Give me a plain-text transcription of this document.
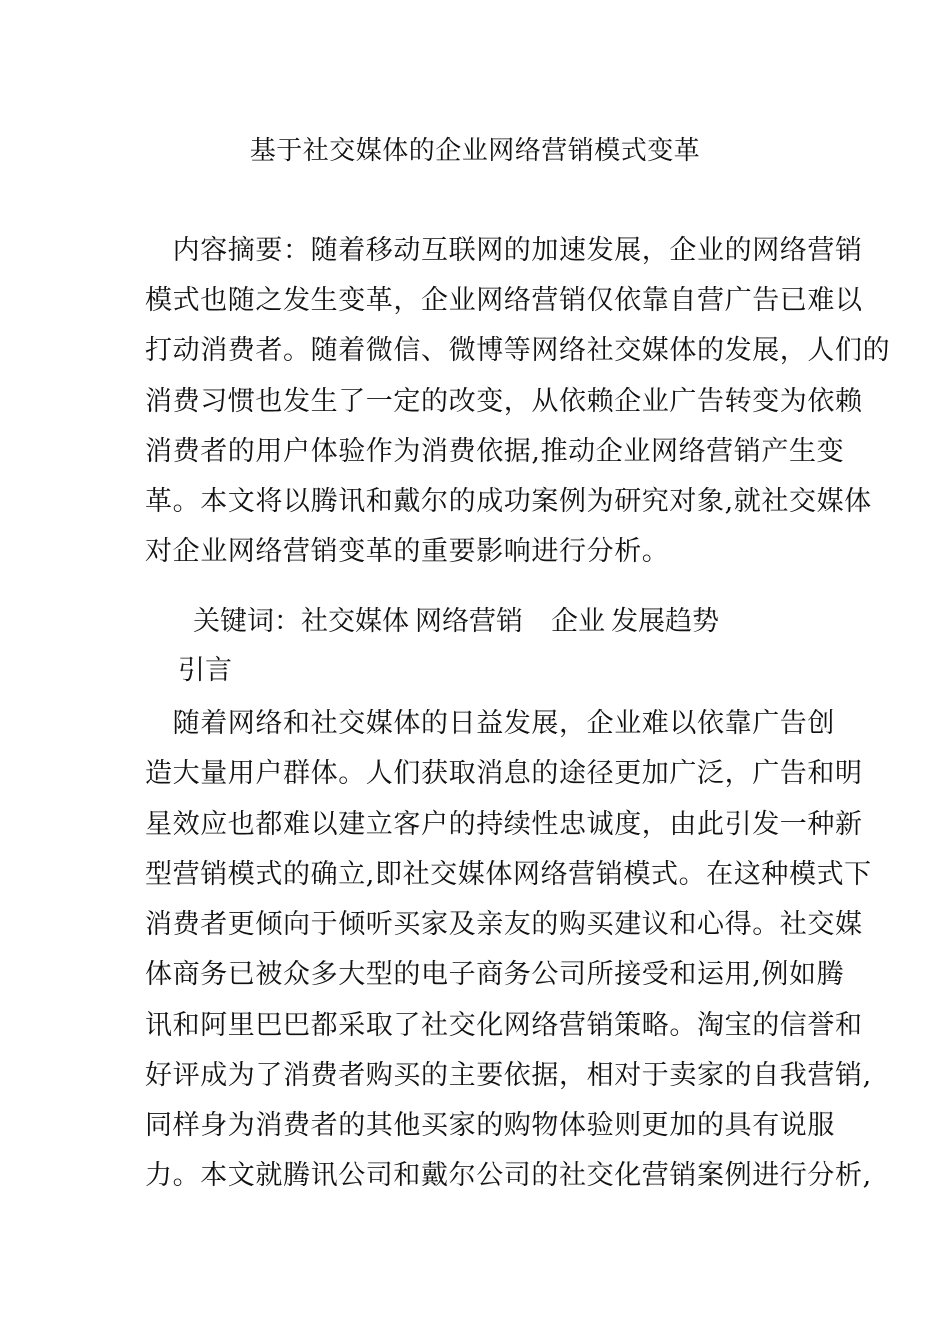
基于社交媒体的企业网络营销模式变革
　内容摘要：随着移动互联网的加速发展，企业的网络营销
模式也随之发生变革，企业网络营销仅依靠自营广告已难以
打动消费者。随着微信、微博等网络社交媒体的发展，人们的
消费习惯也发生了一定的改变，从依赖企业广告转变为依赖
消费者的用户体验作为消费依据,推动企业网络营销产生变
革。本文将以腾讯和戴尔的成功案例为研究对象,就社交媒体
对企业网络营销变革的重要影响进行分析。
关键词：社交媒体 网络营销 企业 发展趋势
引言
　随着网络和社交媒体的日益发展，企业难以依靠广告创
造大量用户群体。人们获取消息的途径更加广泛，广告和明
星效应也都难以建立客户的持续性忠诚度，由此引发一种新
型营销模式的确立,即社交媒体网络营销模式。在这种模式下
消费者更倾向于倾听买家及亲友的购买建议和心得。社交媒
体商务已被众多大型的电子商务公司所接受和运用,例如腾
讯和阿里巴巴都采取了社交化网络营销策略。淘宝的信誉和
好评成为了消费者购买的主要依据，相对于卖家的自我营销,
同样身为消费者的其他买家的购物体验则更加的具有说服
力。本文就腾讯公司和戴尔公司的社交化营销案例进行分析,
